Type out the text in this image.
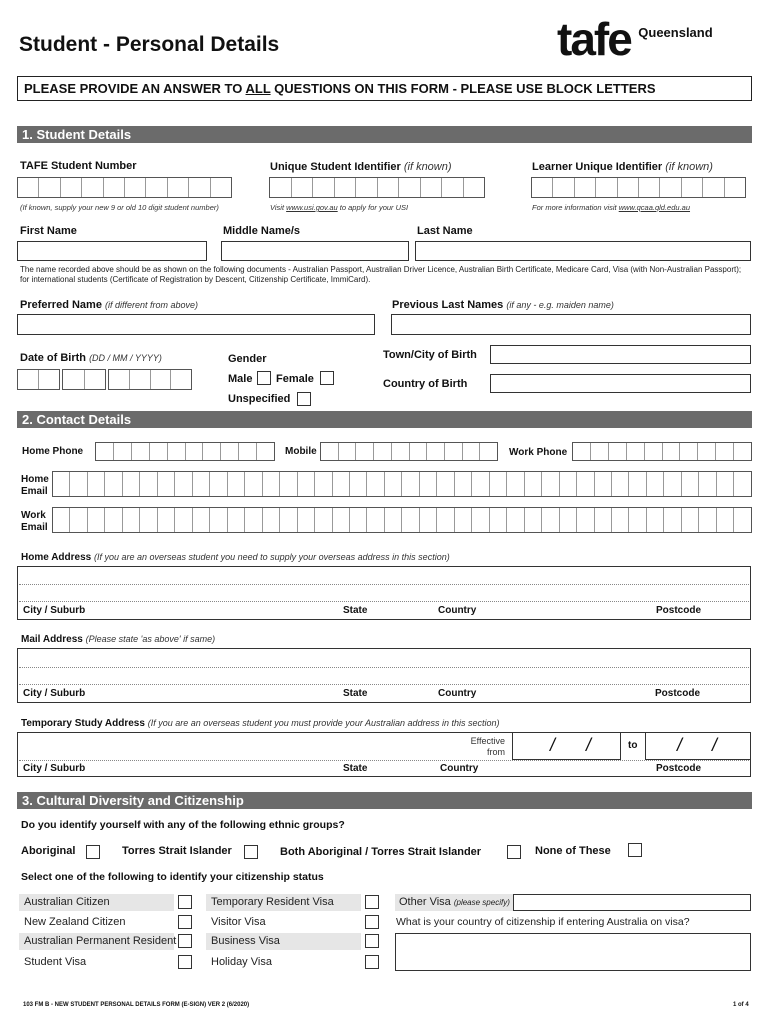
Student - Personal Details	tafe $^{Queensland}$
PLEASE PROVIDE AN ANSWER TO ALL QUESTIONS ON THIS FORM - PLEASE USE BLOCK LETTERS
1. Student Details
TAFE Student Number	Unique Student Identifier (if known)	Learner Unique Identifier (if known)
(If known, supply your new 9 or old 10 digit student number)	Visit www.usi.gov.au to apply for your USI	For more information visit www.qcaa.qld.edu.au
First Name	Middle Name/s	Last Name
The name recorded above should be as shown on the following documents - Australian Passport, Australian Driver Licence, Australian Birth Certificate, Medicare Card, Visa (with Non-Australian Passport); for international students (Certificate of Registration by Descent, Citizenship Certificate, ImmiCard).
Preferred Name (if different from above)	Previous Last Names (if any - e.g. maiden name)
Date of Birth (DD / MM / YYYY)	Gender
Male Female
Unspecified
Town/City of Birth
Country of Birth
2. Contact Details
Home Phone	Mobile	Work Phone
Home
Email
Work
Email
Home Address (If you are an overseas student you need to supply your overseas address in this section)
City / Suburb	State	Country	Postcode
Mail Address (Please state 'as above' if same)
City / Suburb	State	Country	Postcode
Temporary Study Address (If you are an overseas student you must provide your Australian address in this section)
Effective
from	/ /	to / /
City / Suburb	State	Country	Postcode
3. Cultural Diversity and Citizenship
Do you identify yourself with any of the following ethnic groups?
Aboriginal	Torres Strait Islander	Both Aboriginal / Torres Strait Islander	None of These
Select one of the following to identify your citizenship status
Australian Citizen
New Zealand Citizen
Australian Permanent Resident
Student Visa
Temporary Resident Visa
Visitor Visa
Business Visa
Holiday Visa
Other Visa (please specify)
What is your country of citizenship if entering Australia on visa?
103 FM B - NEW STUDENT PERSONAL DETAILS FORM (E-SIGN) VER 2 (6/2020)	1 of 4
